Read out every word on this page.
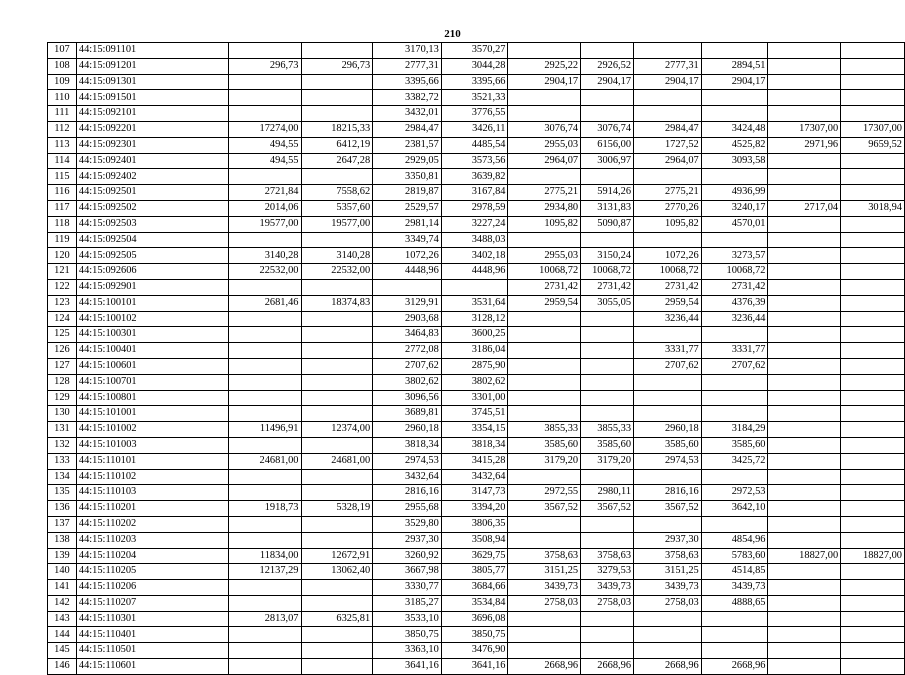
210
107	44:15:091101			3170,13	3570,27						
108	44:15:091201	296,73	296,73	2777,31	3044,28	2925,22	2926,52	2777,31	2894,51		
109	44:15:091301			3395,66	3395,66	2904,17	2904,17	2904,17	2904,17		
110	44:15:091501			3382,72	3521,33						
111	44:15:092101			3432,01	3776,55						
112	44:15:092201	17274,00	18215,33	2984,47	3426,11	3076,74	3076,74	2984,47	3424,48	17307,00	17307,00
113	44:15:092301	494,55	6412,19	2381,57	4485,54	2955,03	6156,00	1727,52	4525,82	2971,96	9659,52
114	44:15:092401	494,55	2647,28	2929,05	3573,56	2964,07	3006,97	2964,07	3093,58		
115	44:15:092402			3350,81	3639,82						
116	44:15:092501	2721,84	7558,62	2819,87	3167,84	2775,21	5914,26	2775,21	4936,99		
117	44:15:092502	2014,06	5357,60	2529,57	2978,59	2934,80	3131,83	2770,26	3240,17	2717,04	3018,94
118	44:15:092503	19577,00	19577,00	2981,14	3227,24	1095,82	5090,87	1095,82	4570,01		
119	44:15:092504			3349,74	3488,03						
120	44:15:092505	3140,28	3140,28	1072,26	3402,18	2955,03	3150,24	1072,26	3273,57		
121	44:15:092606	22532,00	22532,00	4448,96	4448,96	10068,72	10068,72	10068,72	10068,72		
122	44:15:092901					2731,42	2731,42	2731,42	2731,42		
123	44:15:100101	2681,46	18374,83	3129,91	3531,64	2959,54	3055,05	2959,54	4376,39		
124	44:15:100102			2903,68	3128,12			3236,44	3236,44		
125	44:15:100301			3464,83	3600,25						
126	44:15:100401			2772,08	3186,04			3331,77	3331,77		
127	44:15:100601			2707,62	2875,90			2707,62	2707,62		
128	44:15:100701			3802,62	3802,62						
129	44:15:100801			3096,56	3301,00						
130	44:15:101001			3689,81	3745,51						
131	44:15:101002	11496,91	12374,00	2960,18	3354,15	3855,33	3855,33	2960,18	3184,29		
132	44:15:101003			3818,34	3818,34	3585,60	3585,60	3585,60	3585,60		
133	44:15:110101	24681,00	24681,00	2974,53	3415,28	3179,20	3179,20	2974,53	3425,72		
134	44:15:110102			3432,64	3432,64						
135	44:15:110103			2816,16	3147,73	2972,55	2980,11	2816,16	2972,53		
136	44:15:110201	1918,73	5328,19	2955,68	3394,20	3567,52	3567,52	3567,52	3642,10		
137	44:15:110202			3529,80	3806,35						
138	44:15:110203			2937,30	3508,94			2937,30	4854,96		
139	44:15:110204	11834,00	12672,91	3260,92	3629,75	3758,63	3758,63	3758,63	5783,60	18827,00	18827,00
140	44:15:110205	12137,29	13062,40	3667,98	3805,77	3151,25	3279,53	3151,25	4514,85		
141	44:15:110206			3330,77	3684,66	3439,73	3439,73	3439,73	3439,73		
142	44:15:110207			3185,27	3534,84	2758,03	2758,03	2758,03	4888,65		
143	44:15:110301	2813,07	6325,81	3533,10	3696,08						
144	44:15:110401			3850,75	3850,75						
145	44:15:110501			3363,10	3476,90						
146	44:15:110601			3641,16	3641,16	2668,96	2668,96	2668,96	2668,96		
